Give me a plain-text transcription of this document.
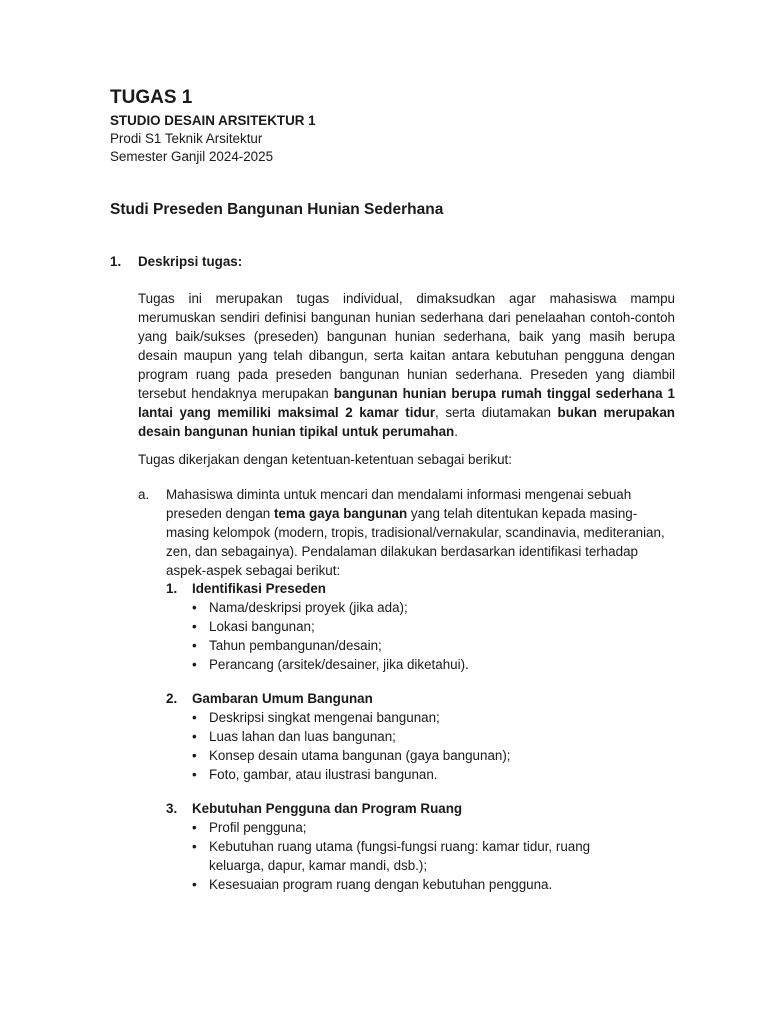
TUGAS 1
STUDIO DESAIN ARSITEKTUR 1
Prodi S1 Teknik Arsitektur
Semester Ganjil 2024-2025
Studi Preseden Bangunan Hunian Sederhana
1. Deskripsi tugas:
Tugas ini merupakan tugas individual, dimaksudkan agar mahasiswa mampu merumuskan sendiri definisi bangunan hunian sederhana dari penelaahan contoh-contoh yang baik/sukses (preseden) bangunan hunian sederhana, baik yang masih berupa desain maupun yang telah dibangun, serta kaitan antara kebutuhan pengguna dengan program ruang pada preseden bangunan hunian sederhana. Preseden yang diambil tersebut hendaknya merupakan bangunan hunian berupa rumah tinggal sederhana 1 lantai yang memiliki maksimal 2 kamar tidur, serta diutamakan bukan merupakan desain bangunan hunian tipikal untuk perumahan.
Tugas dikerjakan dengan ketentuan-ketentuan sebagai berikut:
a. Mahasiswa diminta untuk mencari dan mendalami informasi mengenai sebuah preseden dengan tema gaya bangunan yang telah ditentukan kepada masing-masing kelompok (modern, tropis, tradisional/vernakular, scandinavia, mediteranian, zen, dan sebagainya). Pendalaman dilakukan berdasarkan identifikasi terhadap aspek-aspek sebagai berikut:
1. Identifikasi Preseden
• Nama/deskripsi proyek (jika ada);
• Lokasi bangunan;
• Tahun pembangunan/desain;
• Perancang (arsitek/desainer, jika diketahui).
2. Gambaran Umum Bangunan
• Deskripsi singkat mengenai bangunan;
• Luas lahan dan luas bangunan;
• Konsep desain utama bangunan (gaya bangunan);
• Foto, gambar, atau ilustrasi bangunan.
3. Kebutuhan Pengguna dan Program Ruang
• Profil pengguna;
• Kebutuhan ruang utama (fungsi-fungsi ruang: kamar tidur, ruang keluarga, dapur, kamar mandi, dsb.);
• Kesesuaian program ruang dengan kebutuhan pengguna.
